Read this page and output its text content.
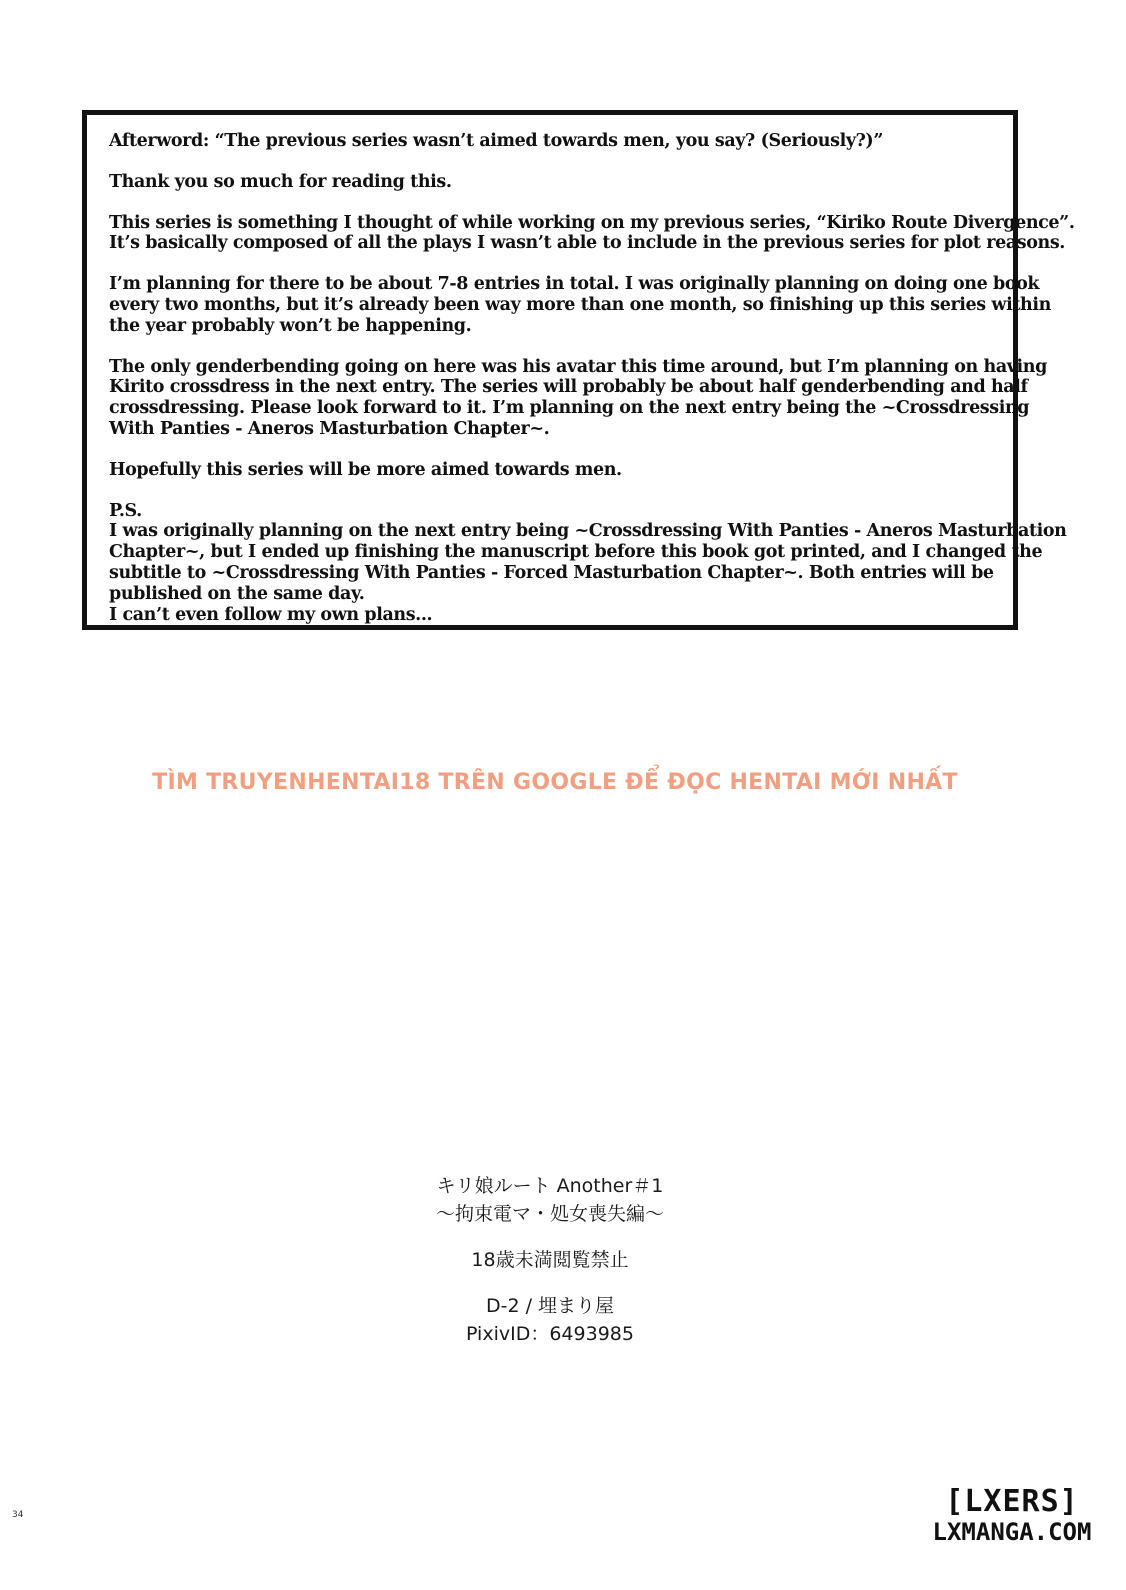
Afterword: “The previous series wasn’t aimed towards men, you say? (Seriously?)”

Thank you so much for reading this.

This series is something I thought of while working on my previous series, “Kiriko Route Divergence”.
It’s basically composed of all the plays I wasn’t able to include in the previous series for plot reasons.

I’m planning for there to be about 7-8 entries in total. I was originally planning on doing one book
every two months, but it’s already been way more than one month, so finishing up this series within
the year probably won’t be happening.

The only genderbending going on here was his avatar this time around, but I’m planning on having
Kirito crossdress in the next entry. The series will probably be about half genderbending and half
crossdressing. Please look forward to it. I’m planning on the next entry being the ~Crossdressing
With Panties - Aneros Masturbation Chapter~.

Hopefully this series will be more aimed towards men.

P.S.
I was originally planning on the next entry being ~Crossdressing With Panties - Aneros Masturbation
Chapter~, but I ended up finishing the manuscript before this book got printed, and I changed the
subtitle to ~Crossdressing With Panties - Forced Masturbation Chapter~. Both entries will be
published on the same day.
I can’t even follow my own plans...

TÌM TRUYENHENTAI18 TRÊN GOOGLE ĐỂ ĐỌC HENTAI MỚI NHẤT
キリ娘ルート Another＃1
〜拘束電マ・処女喪失編〜
18歳未満閲覧禁止
D-2 / 埋まり屋
PixivID：6493985
34	[LXERS]
LXMANGA.COM
